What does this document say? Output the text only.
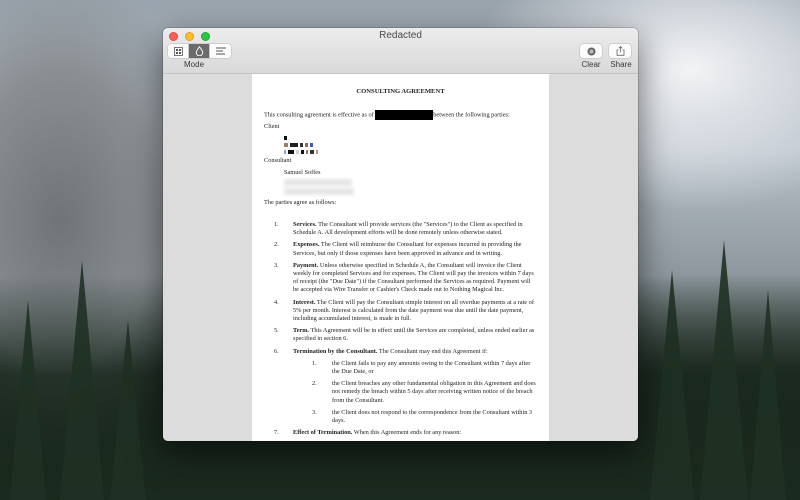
Redacted
Mode	Clear	Share
CONSULTING AGREEMENT
This consulting agreement is effective as of	between the following parties:
Client
Consultant
Samuel Soffes
The parties agree as follows:
1. Services. The Consultant will provide services (the "Services") to the Client as specified in Schedule A. All development efforts will be done remotely unless otherwise stated.
2. Expenses. The Client will reimburse the Consultant for expenses incurred in providing the Services, but only if those expenses have been approved in advance and in writing.
3. Payment. Unless otherwise specified in Schedule A, the Consultant will invoice the Client weekly for completed Services and for expenses. The Client will pay the invoices within 7 days of receipt (the "Due Date") if the Consultant performed the Services as required. Payment will be accepted via Wire Transfer or Cashier's Check made out to Nothing Magical Inc.
4. Interest. The Client will pay the Consultant simple interest on all overdue payments at a rate of 5% per month. Interest is calculated from the date payment was due until the date payment, including accumulated interest, is made in full.
5. Term. This Agreement will be in effect until the Services are completed, unless ended earlier as specified in section 6.
6. Termination by the Consultant. The Consultant may end this Agreement if:
1. the Client fails to pay any amounts owing to the Consultant within 7 days after the Due Date, or
2. the Client breaches any other fundamental obligation in this Agreement and does not remedy the breach within 5 days after receiving written notice of the breach from the Consultant.
3. the Client does not respond to the correspondence from the Consultant within 3 days.
7. Effect of Termination. When this Agreement ends for any reason:
